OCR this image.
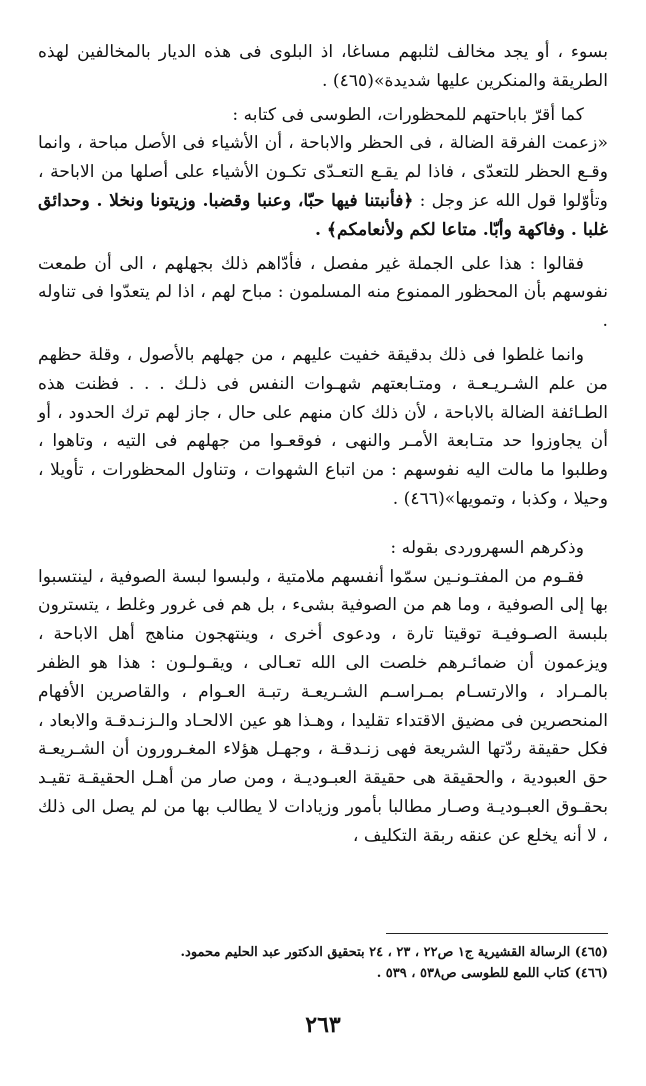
بسوء ، أو يجد مخالف لثلبهم مساغا، اذ البلوى فى هذه الديار بالمخالفين لهذه الطريقة والمنكرين عليها شديدة»(٤٦٥) .

كما أقرّ باباحتهم للمحظورات، الطوسى فى كتابه :

«زعمت الفرقة الضالة ، فى الحظر والاباحة ، أن الأشياء فى الأصل مباحة ، وانما وقـع الحظر للتعدّى ، فاذا لم يقـع التعـدّى تكـون الأشياء على أصلها من الاباحة ، وتأوّلوا قول الله عز وجل : ﴿فأنبتنا فيها حبّا، وعنبا وقضبا. وزيتونا ونخلا . وحدائق غلبا . وفاكهة وأبّا. متاعا لكم ولأنعامكم﴾ .

فقالوا : هذا على الجملة غير مفصل ، فأدّاهم ذلك بجهلهم ، الى أن طمعت نفوسهم بأن المحظور الممنوع منه المسلمون : مباح لهم ، اذا لم يتعدّوا فى تناوله .

وانما غلطوا فى ذلك بدقيقة خفيت عليهم ، من جهلهم بالأصول ، وقلة حظهم من علم الشـريـعـة ، ومتـابعتهم شهـوات النفس فى ذلـك . . . فظنت هذه الطـائفة الضالة بالاباحة ، لأن ذلك كان منهم على حال ، جاز لهم ترك الحدود ، أو أن يجاوزوا حد متـابعة الأمـر والنهى ، فوقعـوا من جهلهم فى التيه ، وتاهوا ، وطلبوا ما مالت اليه نفوسهم : من اتباع الشهوات ، وتناول المحظورات ، تأويلا ، وحيلا ، وكذبا ، وتمويها»(٤٦٦) .

وذكرهم السهروردى بقوله :

فقـوم من المفتـونـين سمّوا أنفسهم ملامتية ، ولبسوا لبسة الصوفية ، لينتسبوا بها إلى الصوفية ، وما هم من الصوفية بشىء ، بل هم فى غرور وغلط ، يتسترون بلبسة الصـوفيـة توقيتا تارة ، ودعوى أخرى ، وينتهجون مناهج أهل الاباحة ، ويزعمون أن ضمائـرهم خلصت الى الله تعـالى ، ويقـولـون : هذا هو الظفر بالمـراد ، والارتسـام بمـراسـم الشـريعـة رتبـة العـوام ، والقاصرين الأفهام المنحصرين فى مضيق الاقتداء تقليدا ، وهـذا هو عين الالحـاد والـزنـدقـة والابعاد ، فكل حقيقة ردّتها الشريعة فهى زنـدقـة ، وجهـل هؤلاء المغـرورون أن الشـريعـة حق العبودية ، والحقيقة هى حقيقة العبـوديـة ، ومن صار من أهـل الحقيقـة تقيـد بحقـوق العبـوديـة وصـار مطالبا بأمور وزيادات لا يطالب بها من لم يصل الى ذلك ، لا أنه يخلع عن عنقه ربقة التكليف ،

(٤٦٥) الرسالة القشيرية ج١ ص٢٢ ، ٢٣ ، ٢٤ بتحقيق الدكتور عبد الحليم محمود.

(٤٦٦) كتاب اللمع للطوسى ص٥٣٨ ، ٥٣٩ .

٢٦٣
